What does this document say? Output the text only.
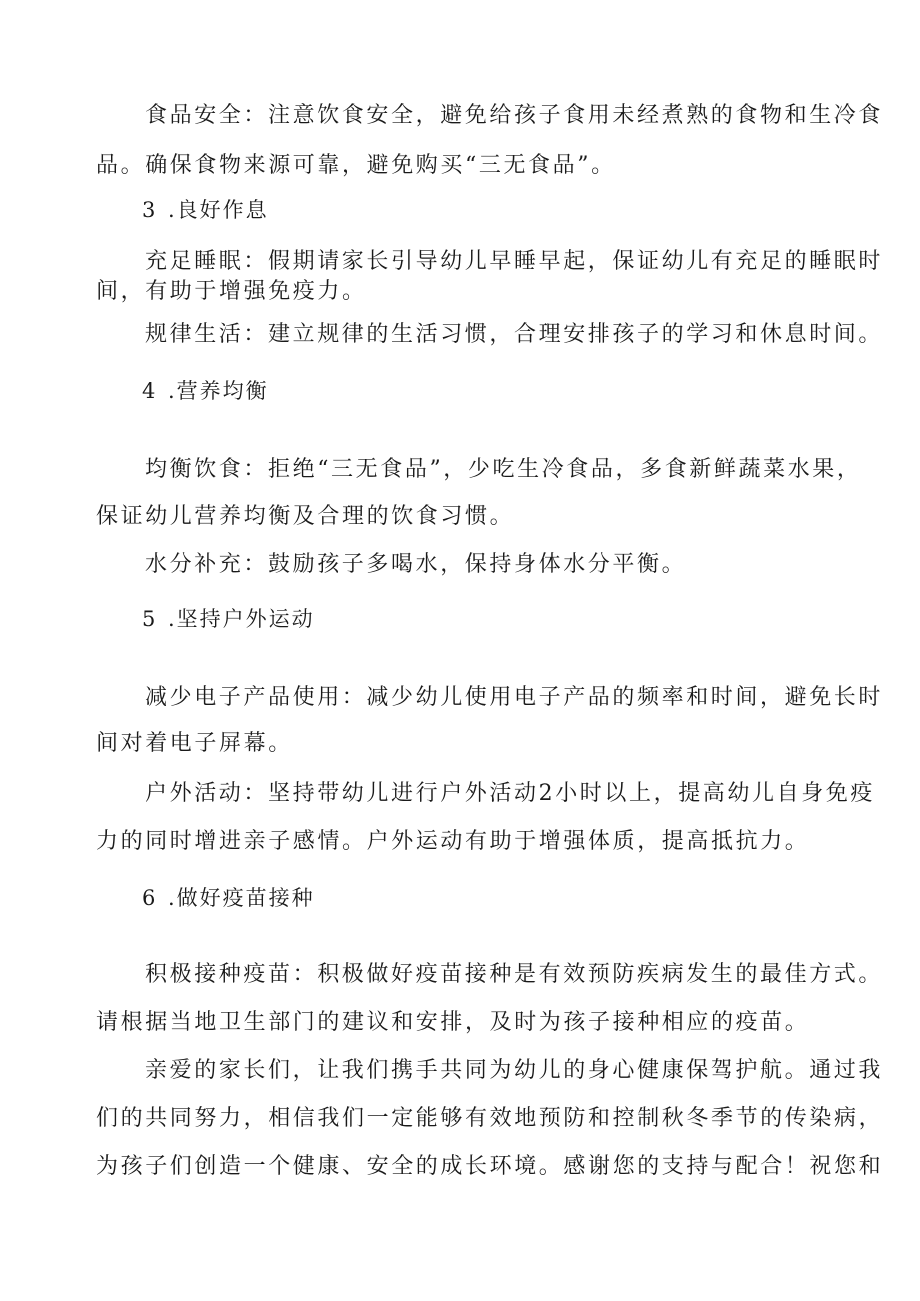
食品安全：注意饮食安全，避免给孩子食用未经煮熟的食物和生冷食
品。确保食物来源可靠，避免购买“三无食品”。
3 .良好作息
充足睡眠：假期请家长引导幼儿早睡早起，保证幼儿有充足的睡眠时
间，有助于增强免疫力。
规律生活：建立规律的生活习惯，合理安排孩子的学习和休息时间。
4 .营养均衡
均衡饮食：拒绝“三无食品”，少吃生冷食品，多食新鲜蔬菜水果，
保证幼儿营养均衡及合理的饮食习惯。
水分补充：鼓励孩子多喝水，保持身体水分平衡。
5 .坚持户外运动
减少电子产品使用：减少幼儿使用电子产品的频率和时间，避免长时
间对着电子屏幕。
户外活动：坚持带幼儿进行户外活动2小时以上，提高幼儿自身免疫
力的同时增进亲子感情。户外运动有助于增强体质，提高抵抗力。
6 .做好疫苗接种
积极接种疫苗：积极做好疫苗接种是有效预防疾病发生的最佳方式。
请根据当地卫生部门的建议和安排，及时为孩子接种相应的疫苗。
亲爱的家长们，让我们携手共同为幼儿的身心健康保驾护航。通过我
们的共同努力，相信我们一定能够有效地预防和控制秋冬季节的传染病，
为孩子们创造一个健康、安全的成长环境。感谢您的支持与配合！祝您和
